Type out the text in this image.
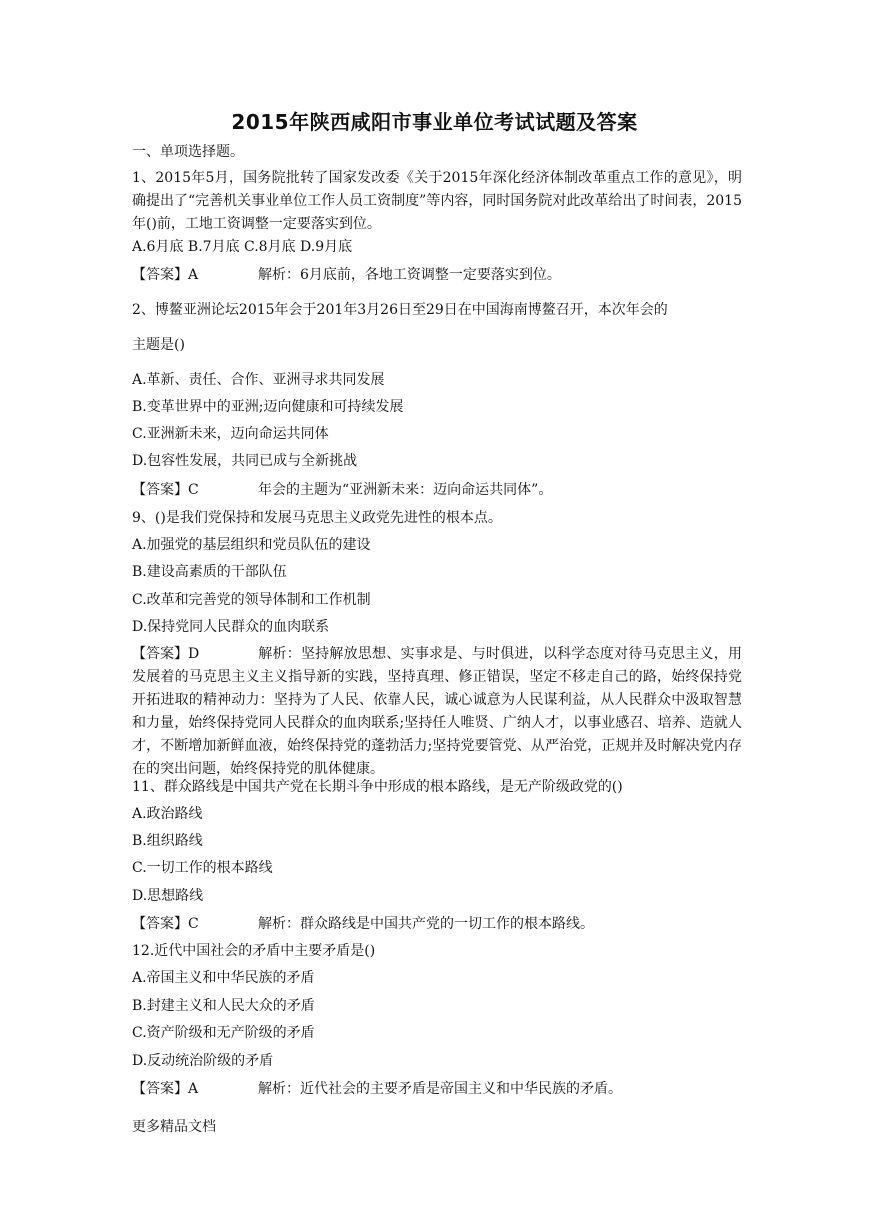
2015年陕西咸阳市事业单位考试试题及答案
一、单项选择题。
1、2015年5月，国务院批转了国家发改委《关于2015年深化经济体制改革重点工作的意见》，明确提出了“完善机关事业单位工作人员工资制度”等内容，同时国务院对此改革给出了时间表，2015年()前，工地工资调整一定要落实到位。
A.6月底 B.7月底 C.8月底 D.9月底
【答案】A	解析：6月底前，各地工资调整一定要落实到位。
2、博鳌亚洲论坛2015年会于201年3月26日至29日在中国海南博鳌召开，本次年会的
主题是()
A.革新、责任、合作、亚洲寻求共同发展
B.变革世界中的亚洲;迈向健康和可持续发展
C.亚洲新未来，迈向命运共同体
D.包容性发展，共同已成与全新挑战
【答案】C	年会的主题为“亚洲新未来：迈向命运共同体”。
9、()是我们党保持和发展马克思主义政党先进性的根本点。
A.加强党的基层组织和党员队伍的建设
B.建设高素质的干部队伍
C.改革和完善党的领导体制和工作机制
D.保持党同人民群众的血肉联系
【答案】D	解析：坚持解放思想、实事求是、与时俱进，以科学态度对待马克思主义，用发展着的马克思主义主义指导新的实践，坚持真理、修正错误，坚定不移走自己的路，始终保持党开拓进取的精神动力：坚持为了人民、依靠人民，诚心诚意为人民谋利益，从人民群众中汲取智慧和力量，始终保持党同人民群众的血肉联系;坚持任人唯贤、广纳人才，以事业感召、培养、造就人才，不断增加新鲜血液，始终保持党的蓬勃活力;坚持党要管党、从严治党，正规并及时解决党内存在的突出问题，始终保持党的肌体健康。
11、群众路线是中国共产党在长期斗争中形成的根本路线，是无产阶级政党的()
A.政治路线
B.组织路线
C.一切工作的根本路线
D.思想路线
【答案】C	解析：群众路线是中国共产党的一切工作的根本路线。
12.近代中国社会的矛盾中主要矛盾是()
A.帝国主义和中华民族的矛盾
B.封建主义和人民大众的矛盾
C.资产阶级和无产阶级的矛盾
D.反动统治阶级的矛盾
【答案】A	解析：近代社会的主要矛盾是帝国主义和中华民族的矛盾。
更多精品文档
